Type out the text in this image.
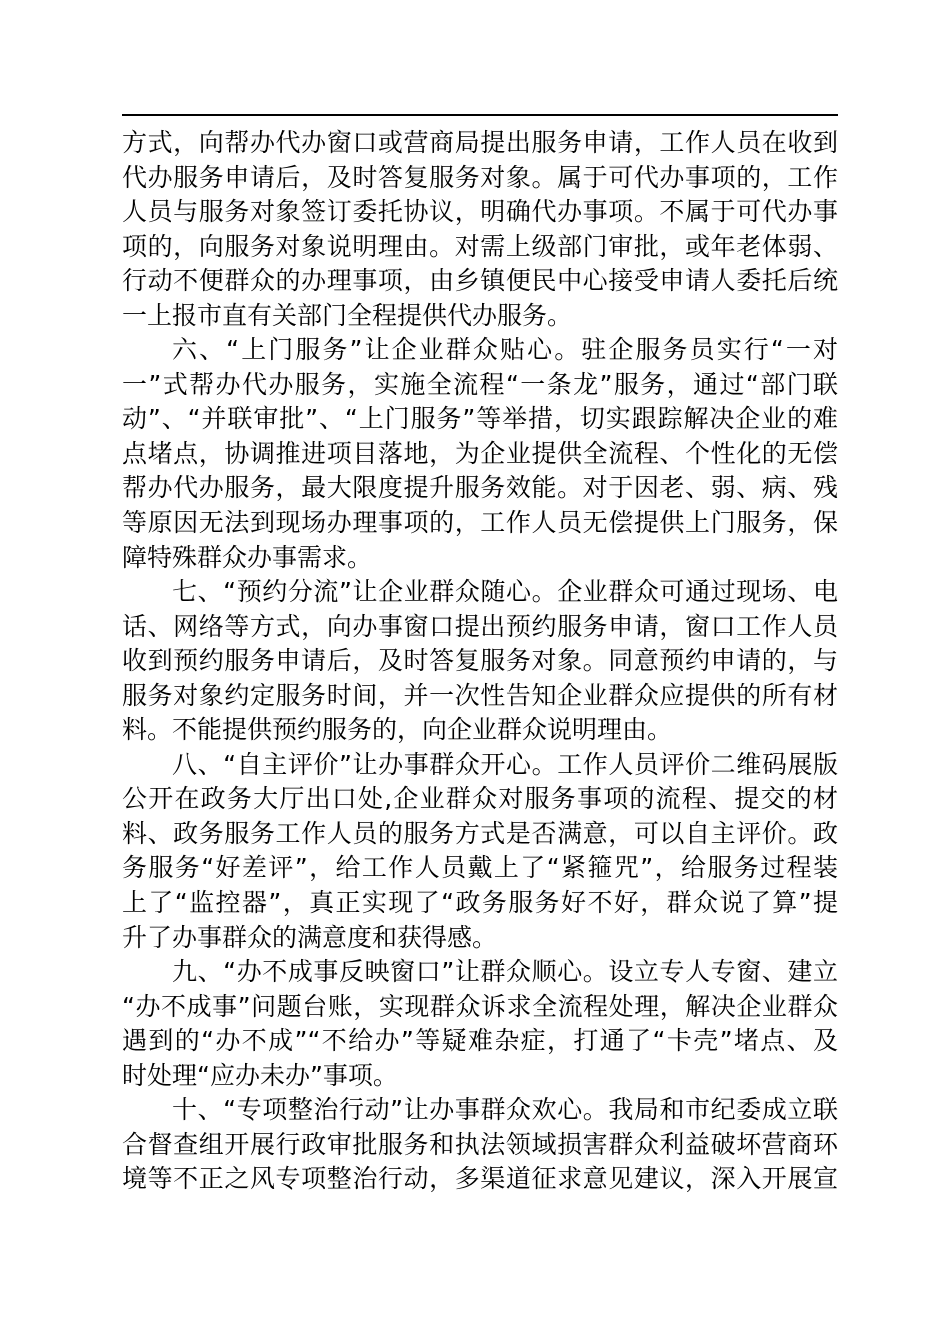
方式，向帮办代办窗口或营商局提出服务申请，工作人员在收到
代办服务申请后，及时答复服务对象。属于可代办事项的，工作
人员与服务对象签订委托协议，明确代办事项。不属于可代办事
项的，向服务对象说明理由。对需上级部门审批，或年老体弱、
行动不便群众的办理事项，由乡镇便民中心接受申请人委托后统
一上报市直有关部门全程提供代办服务。
六、“上门服务”让企业群众贴心。驻企服务员实行“一对
一”式帮办代办服务，实施全流程“一条龙”服务，通过“部门联
动”、“并联审批”、“上门服务”等举措，切实跟踪解决企业的难
点堵点，协调推进项目落地，为企业提供全流程、个性化的无偿
帮办代办服务，最大限度提升服务效能。对于因老、弱、病、残
等原因无法到现场办理事项的，工作人员无偿提供上门服务，保
障特殊群众办事需求。
七、“预约分流”让企业群众随心。企业群众可通过现场、电
话、网络等方式，向办事窗口提出预约服务申请，窗口工作人员
收到预约服务申请后，及时答复服务对象。同意预约申请的，与
服务对象约定服务时间，并一次性告知企业群众应提供的所有材
料。不能提供预约服务的，向企业群众说明理由。
八、“自主评价”让办事群众开心。工作人员评价二维码展版
公开在政务大厅出口处,企业群众对服务事项的流程、提交的材
料、政务服务工作人员的服务方式是否满意，可以自主评价。政
务服务“好差评”，给工作人员戴上了“紧箍咒”，给服务过程装
上了“监控器”，真正实现了“政务服务好不好，群众说了算”提
升了办事群众的满意度和获得感。
九、“办不成事反映窗口”让群众顺心。设立专人专窗、建立
“办不成事”问题台账，实现群众诉求全流程处理，解决企业群众
遇到的“办不成”“不给办”等疑难杂症，打通了“卡壳”堵点、及
时处理“应办未办”事项。
十、“专项整治行动”让办事群众欢心。我局和市纪委成立联
合督查组开展行政审批服务和执法领域损害群众利益破坏营商环
境等不正之风专项整治行动，多渠道征求意见建议，深入开展宣
